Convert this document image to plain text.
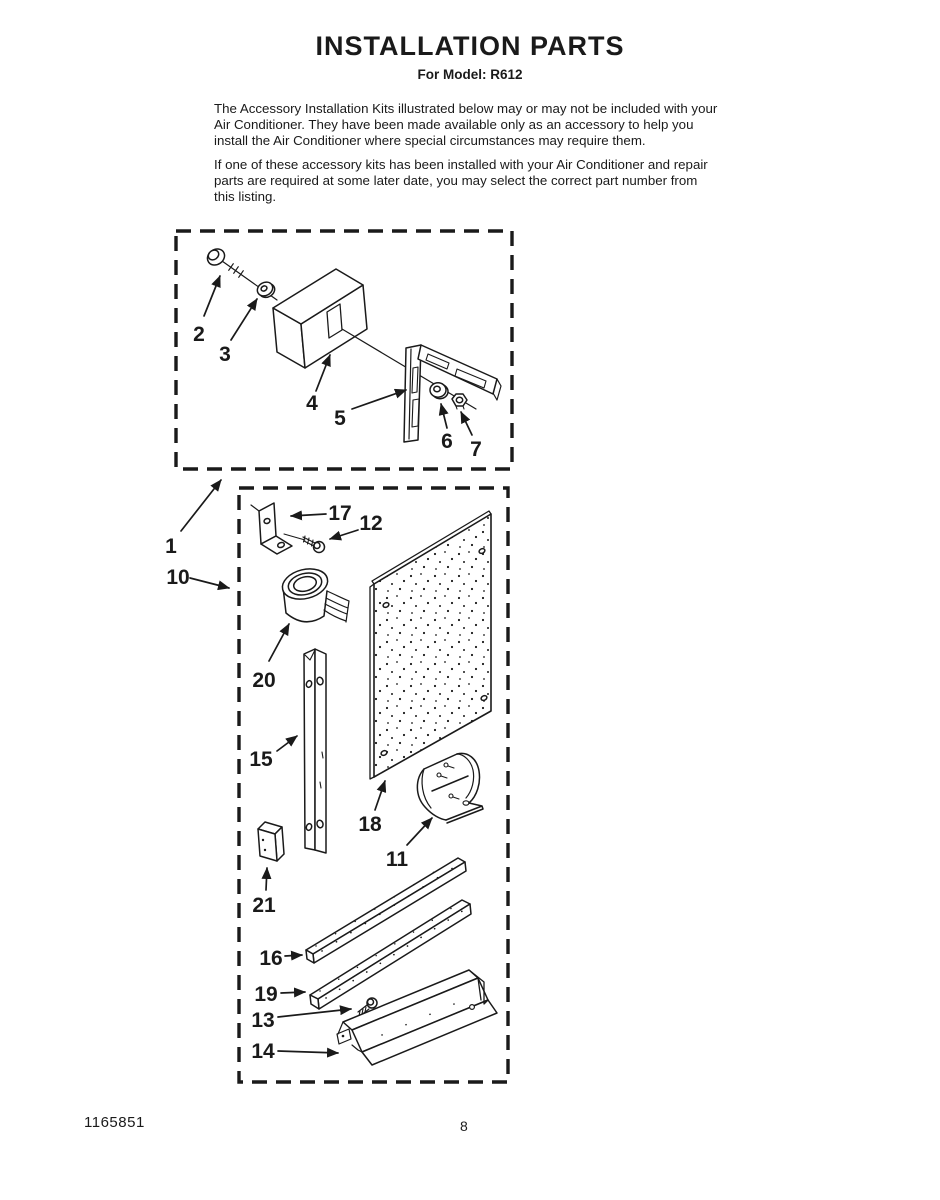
INSTALLATION PARTS
For Model: R612

The Accessory Installation Kits illustrated below may or may not be included with your Air Conditioner. They have been made available only as an accessory to help you install the Air Conditioner where special circumstances may require them.

If one of these accessory kits has been installed with your Air Conditioner and repair parts are required at some later date, you may select the correct part number from this listing.

2
3
4
5
6 7
1
10
17 12
20
15
18
11
21
16
19
13
14
1165851	8
